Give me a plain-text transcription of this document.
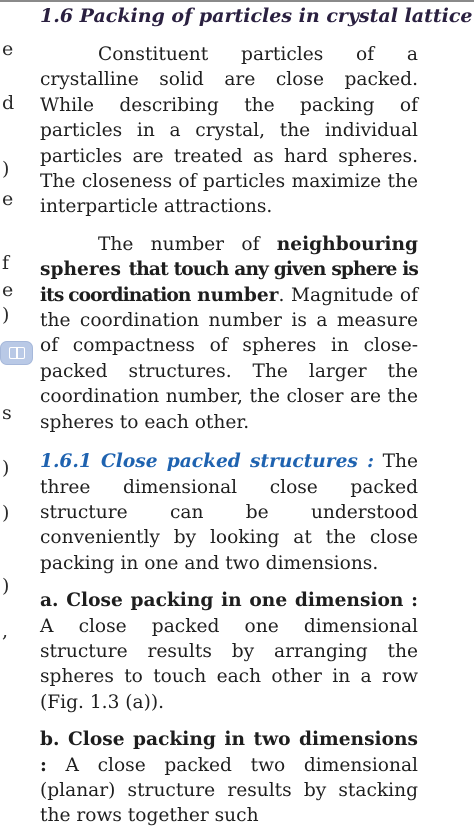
e
d
)
e
f
e
)
s
)
)
)
,
1.6 Packing of particles in crystal lattice

Constituent particles of a crystalline solid are close packed. While describing the packing of particles in a crystal, the individual particles are treated as hard spheres. The closeness of particles maximize the interparticle attractions.

The number of neighbouring spheres that touch any given sphere is its coordination number. Magnitude of the coordination number is a measure of compactness of spheres in close-packed structures. The larger the coordination number, the closer are the spheres to each other.

1.6.1 Close packed structures : The three dimensional close packed structure can be understood conveniently by looking at the close packing in one and two dimensions.

a. Close packing in one dimension : A close packed one dimensional structure results by arranging the spheres to touch each other in a row (Fig. 1.3 (a)).

b. Close packing in two dimensions : A close packed two dimensional (planar) structure results by stacking the rows together such
